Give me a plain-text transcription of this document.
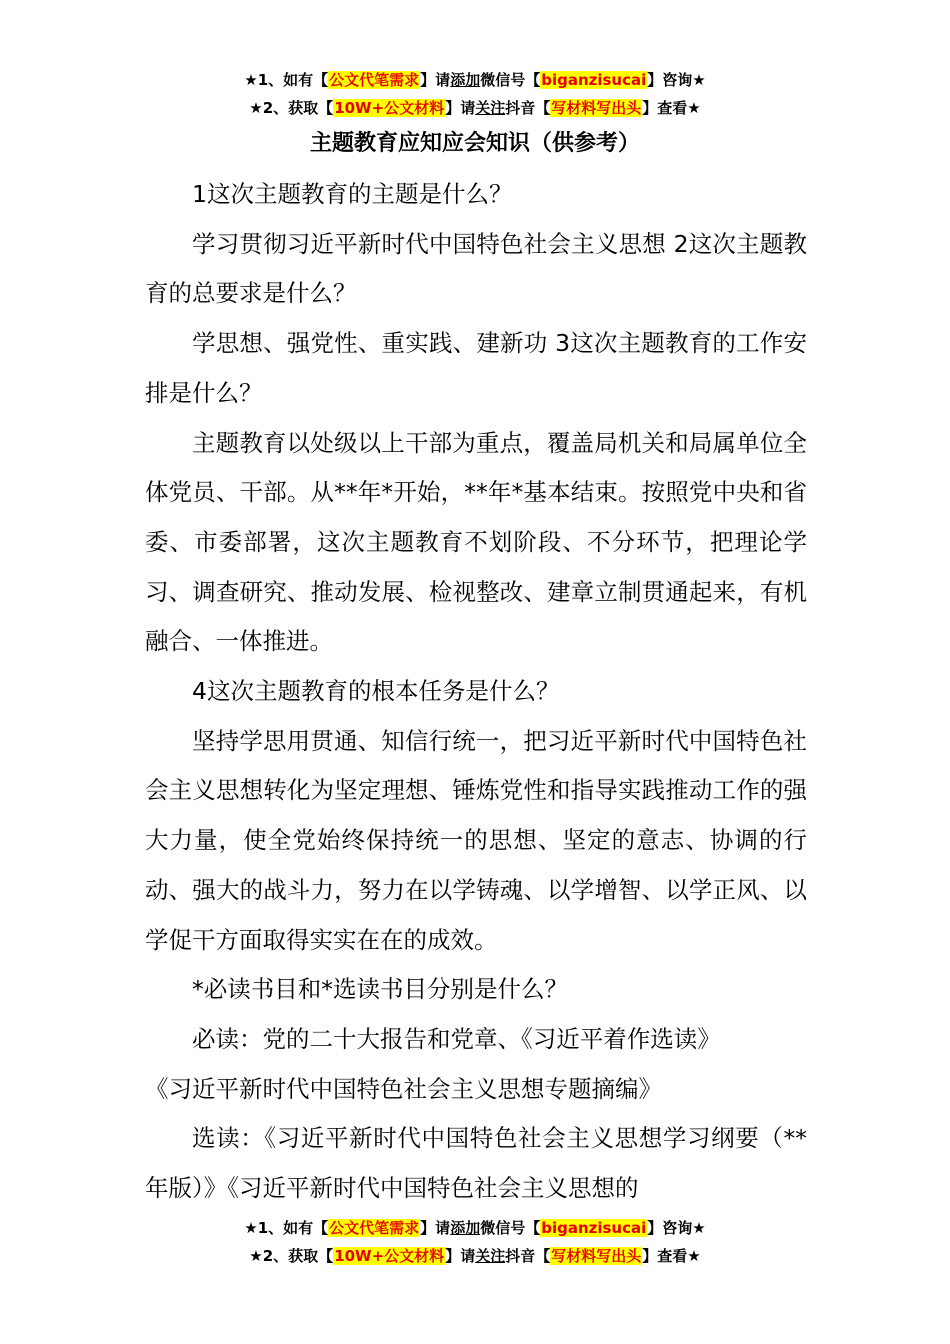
★1、如有【公文代笔需求】请添加微信号【biganzisucai】咨询★
★2、获取【10W+公文材料】请关注抖音【写材料写出头】查看★
主题教育应知应会知识（供参考）

1这次主题教育的主题是什么？

学习贯彻习近平新时代中国特色社会主义思想 2这次主题教育的总要求是什么？

学思想、强党性、重实践、建新功 3这次主题教育的工作安排是什么？

主题教育以处级以上干部为重点，覆盖局机关和局属单位全体党员、干部。从**年*开始，**年*基本结束。按照党中央和省委、市委部署，这次主题教育不划阶段、不分环节，把理论学习、调查研究、推动发展、检视整改、建章立制贯通起来，有机融合、一体推进。

4这次主题教育的根本任务是什么？

坚持学思用贯通、知信行统一，把习近平新时代中国特色社会主义思想转化为坚定理想、锤炼党性和指导实践推动工作的强大力量，使全党始终保持统一的思想、坚定的意志、协调的行动、强大的战斗力，努力在以学铸魂、以学增智、以学正风、以学促干方面取得实实在在的成效。

*必读书目和*选读书目分别是什么？

必读：党的二十大报告和党章、《习近平着作选读》

《习近平新时代中国特色社会主义思想专题摘编》

选读：《习近平新时代中国特色社会主义思想学习纲要（**年版）》《习近平新时代中国特色社会主义思想的

★1、如有【公文代笔需求】请添加微信号【biganzisucai】咨询★
★2、获取【10W+公文材料】请关注抖音【写材料写出头】查看★
